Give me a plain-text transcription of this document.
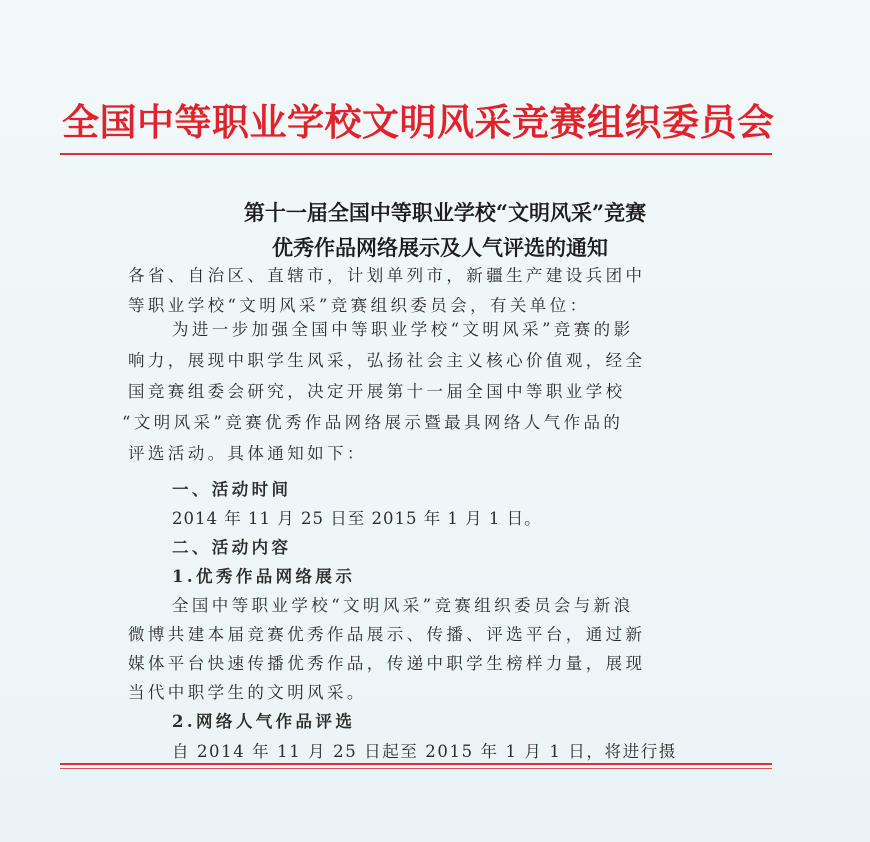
全国中等职业学校文明风采竞赛组织委员会
第十一届全国中等职业学校“文明风采”竞赛
优秀作品网络展示及人气评选的通知
各省、自治区、直辖市，计划单列市，新疆生产建设兵团中
等职业学校“文明风采”竞赛组织委员会，有关单位：
为进一步加强全国中等职业学校“文明风采”竞赛的影
响力，展现中职学生风采，弘扬社会主义核心价值观，经全
国竞赛组委会研究，决定开展第十一届全国中等职业学校
“文明风采”竞赛优秀作品网络展示暨最具网络人气作品的
评选活动。具体通知如下：
一、活动时间
2014 年 11 月 25 日至 2015 年 1 月 1 日。
二、活动内容
1.优秀作品网络展示
全国中等职业学校“文明风采”竞赛组织委员会与新浪
微博共建本届竞赛优秀作品展示、传播、评选平台，通过新
媒体平台快速传播优秀作品，传递中职学生榜样力量，展现
当代中职学生的文明风采。
2.网络人气作品评选
自 2014 年 11 月 25 日起至 2015 年 1 月 1 日，将进行摄
